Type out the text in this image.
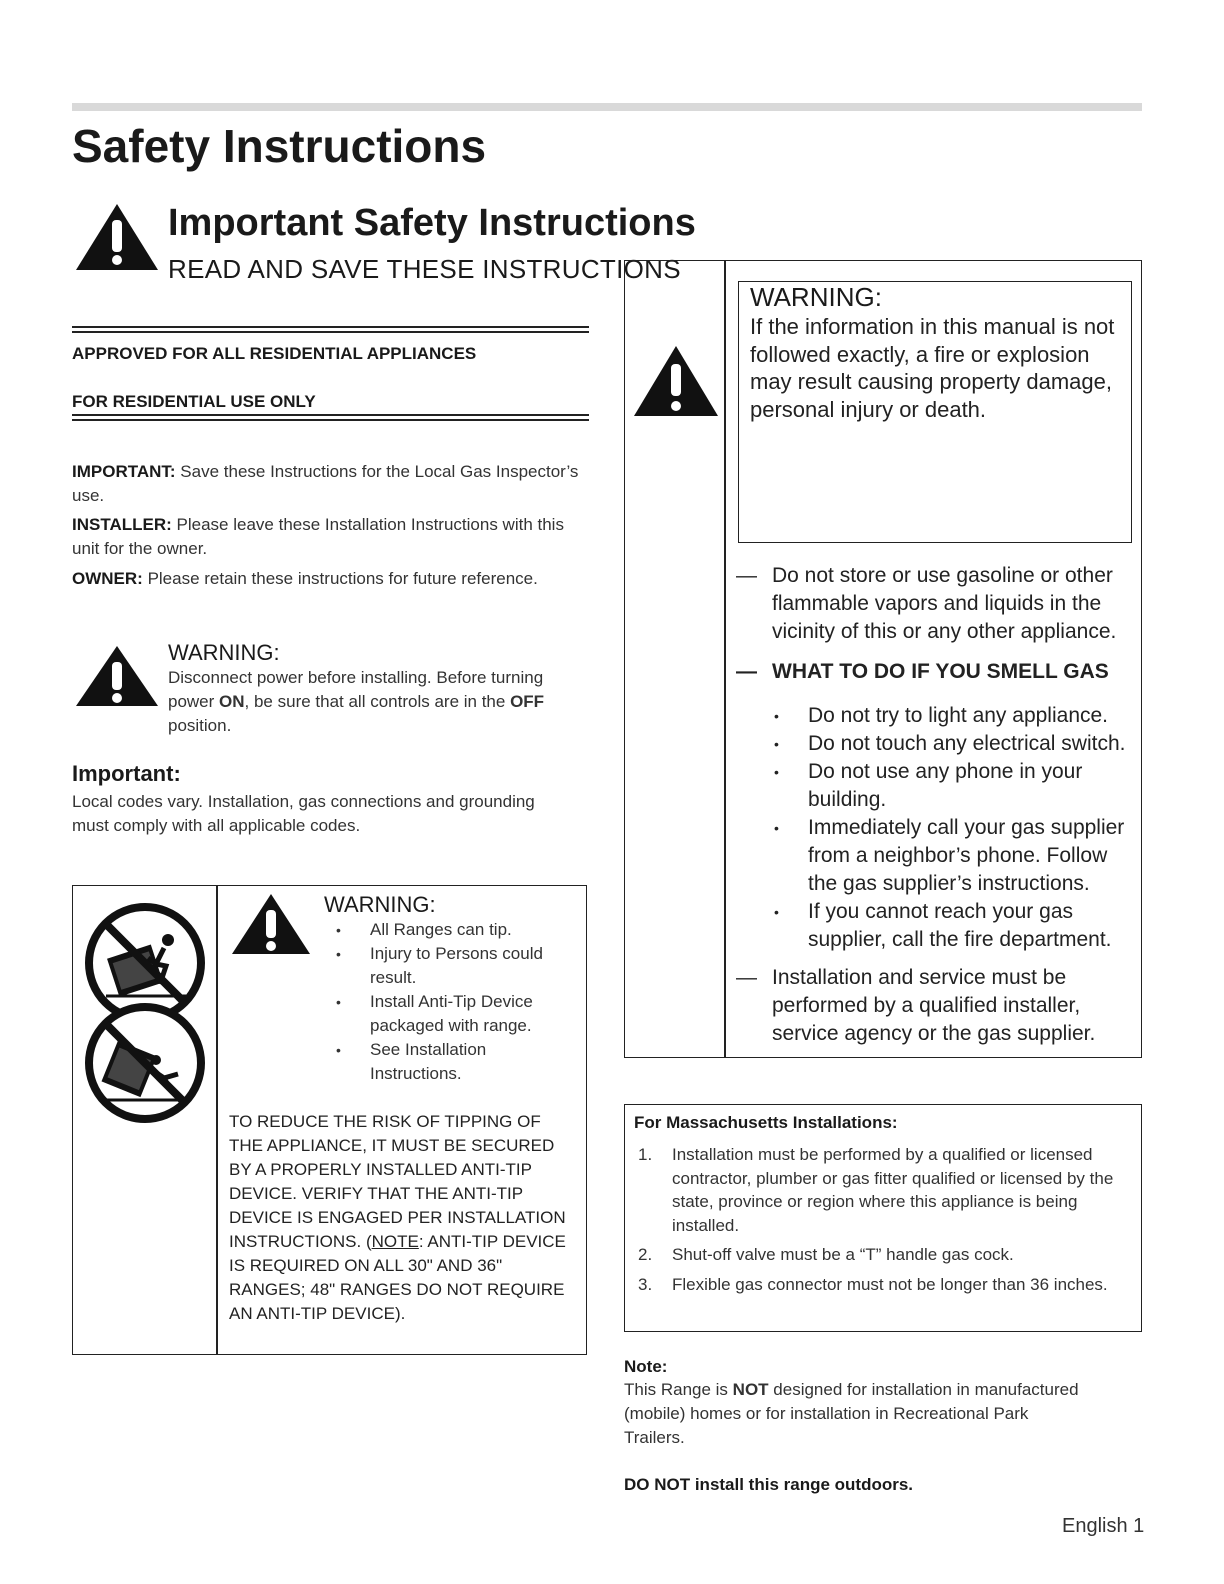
Safety Instructions
Important Safety Instructions
READ AND SAVE THESE INSTRUCTIONS
APPROVED FOR ALL RESIDENTIAL APPLIANCES
FOR RESIDENTIAL USE ONLY
IMPORTANT: Save these Instructions for the Local Gas Inspector’s use.
INSTALLER: Please leave these Installation Instructions with this unit for the owner.
OWNER: Please retain these instructions for future reference.
WARNING:
Disconnect power before installing. Before turning power ON, be sure that all controls are in the OFF position.
Important:
Local codes vary. Installation, gas connections and grounding must comply with all applicable codes.
WARNING:
• All Ranges can tip.
• Injury to Persons could result.
• Install Anti-Tip Device packaged with range.
• See Installation Instructions.
TO REDUCE THE RISK OF TIPPING OF THE APPLIANCE, IT MUST BE SECURED BY A PROPERLY INSTALLED ANTI-TIP DEVICE. VERIFY THAT THE ANTI-TIP DEVICE IS ENGAGED PER INSTALLATION INSTRUCTIONS. (NOTE: ANTI-TIP DEVICE IS REQUIRED ON ALL 30" AND 36" RANGES; 48" RANGES DO NOT REQUIRE AN ANTI-TIP DEVICE).
WARNING:
If the information in this manual is not followed exactly, a fire or explosion may result causing property damage, personal injury or death.
— Do not store or use gasoline or other flammable vapors and liquids in the vicinity of this or any other appliance.
— WHAT TO DO IF YOU SMELL GAS
• Do not try to light any appliance.
• Do not touch any electrical switch.
• Do not use any phone in your building.
• Immediately call your gas supplier from a neighbor’s phone. Follow the gas supplier’s instructions.
• If you cannot reach your gas supplier, call the fire department.
— Installation and service must be performed by a qualified installer, service agency or the gas supplier.
For Massachusetts Installations:
1. Installation must be performed by a qualified or licensed contractor, plumber or gas fitter qualified or licensed by the state, province or region where this appliance is being installed.
2. Shut-off valve must be a “T” handle gas cock.
3. Flexible gas connector must not be longer than 36 inches.
Note:
This Range is NOT designed for installation in manufactured (mobile) homes or for installation in Recreational Park Trailers.
DO NOT install this range outdoors.
English 1
